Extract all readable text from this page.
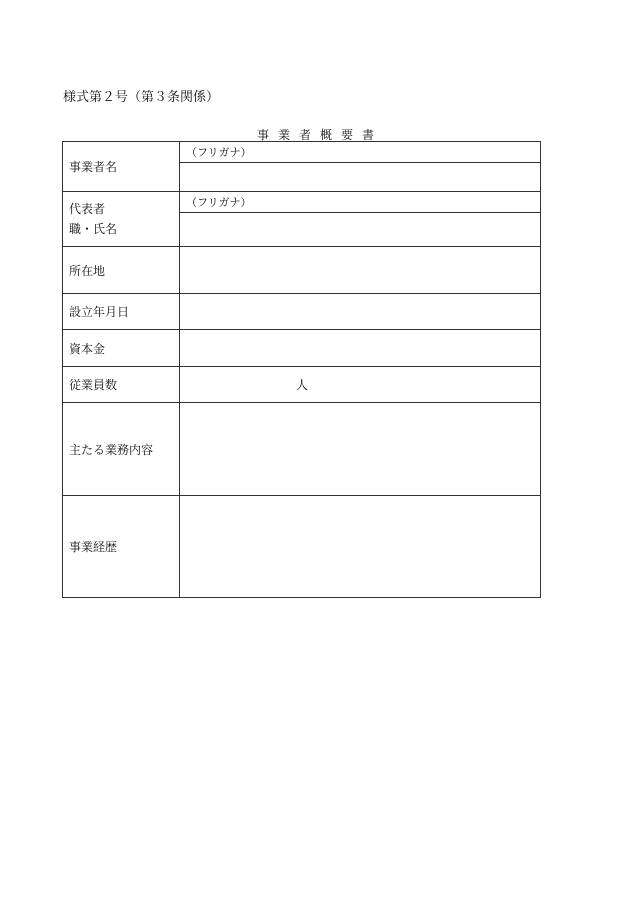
様式第２号（第３条関係）
事業者概要書
事業者名	（フリガナ）

代表者
職・氏名	（フリガナ）

所在地	
設立年月日	
資本金	
従業員数	人
主たる業務内容	
事業経歴	
